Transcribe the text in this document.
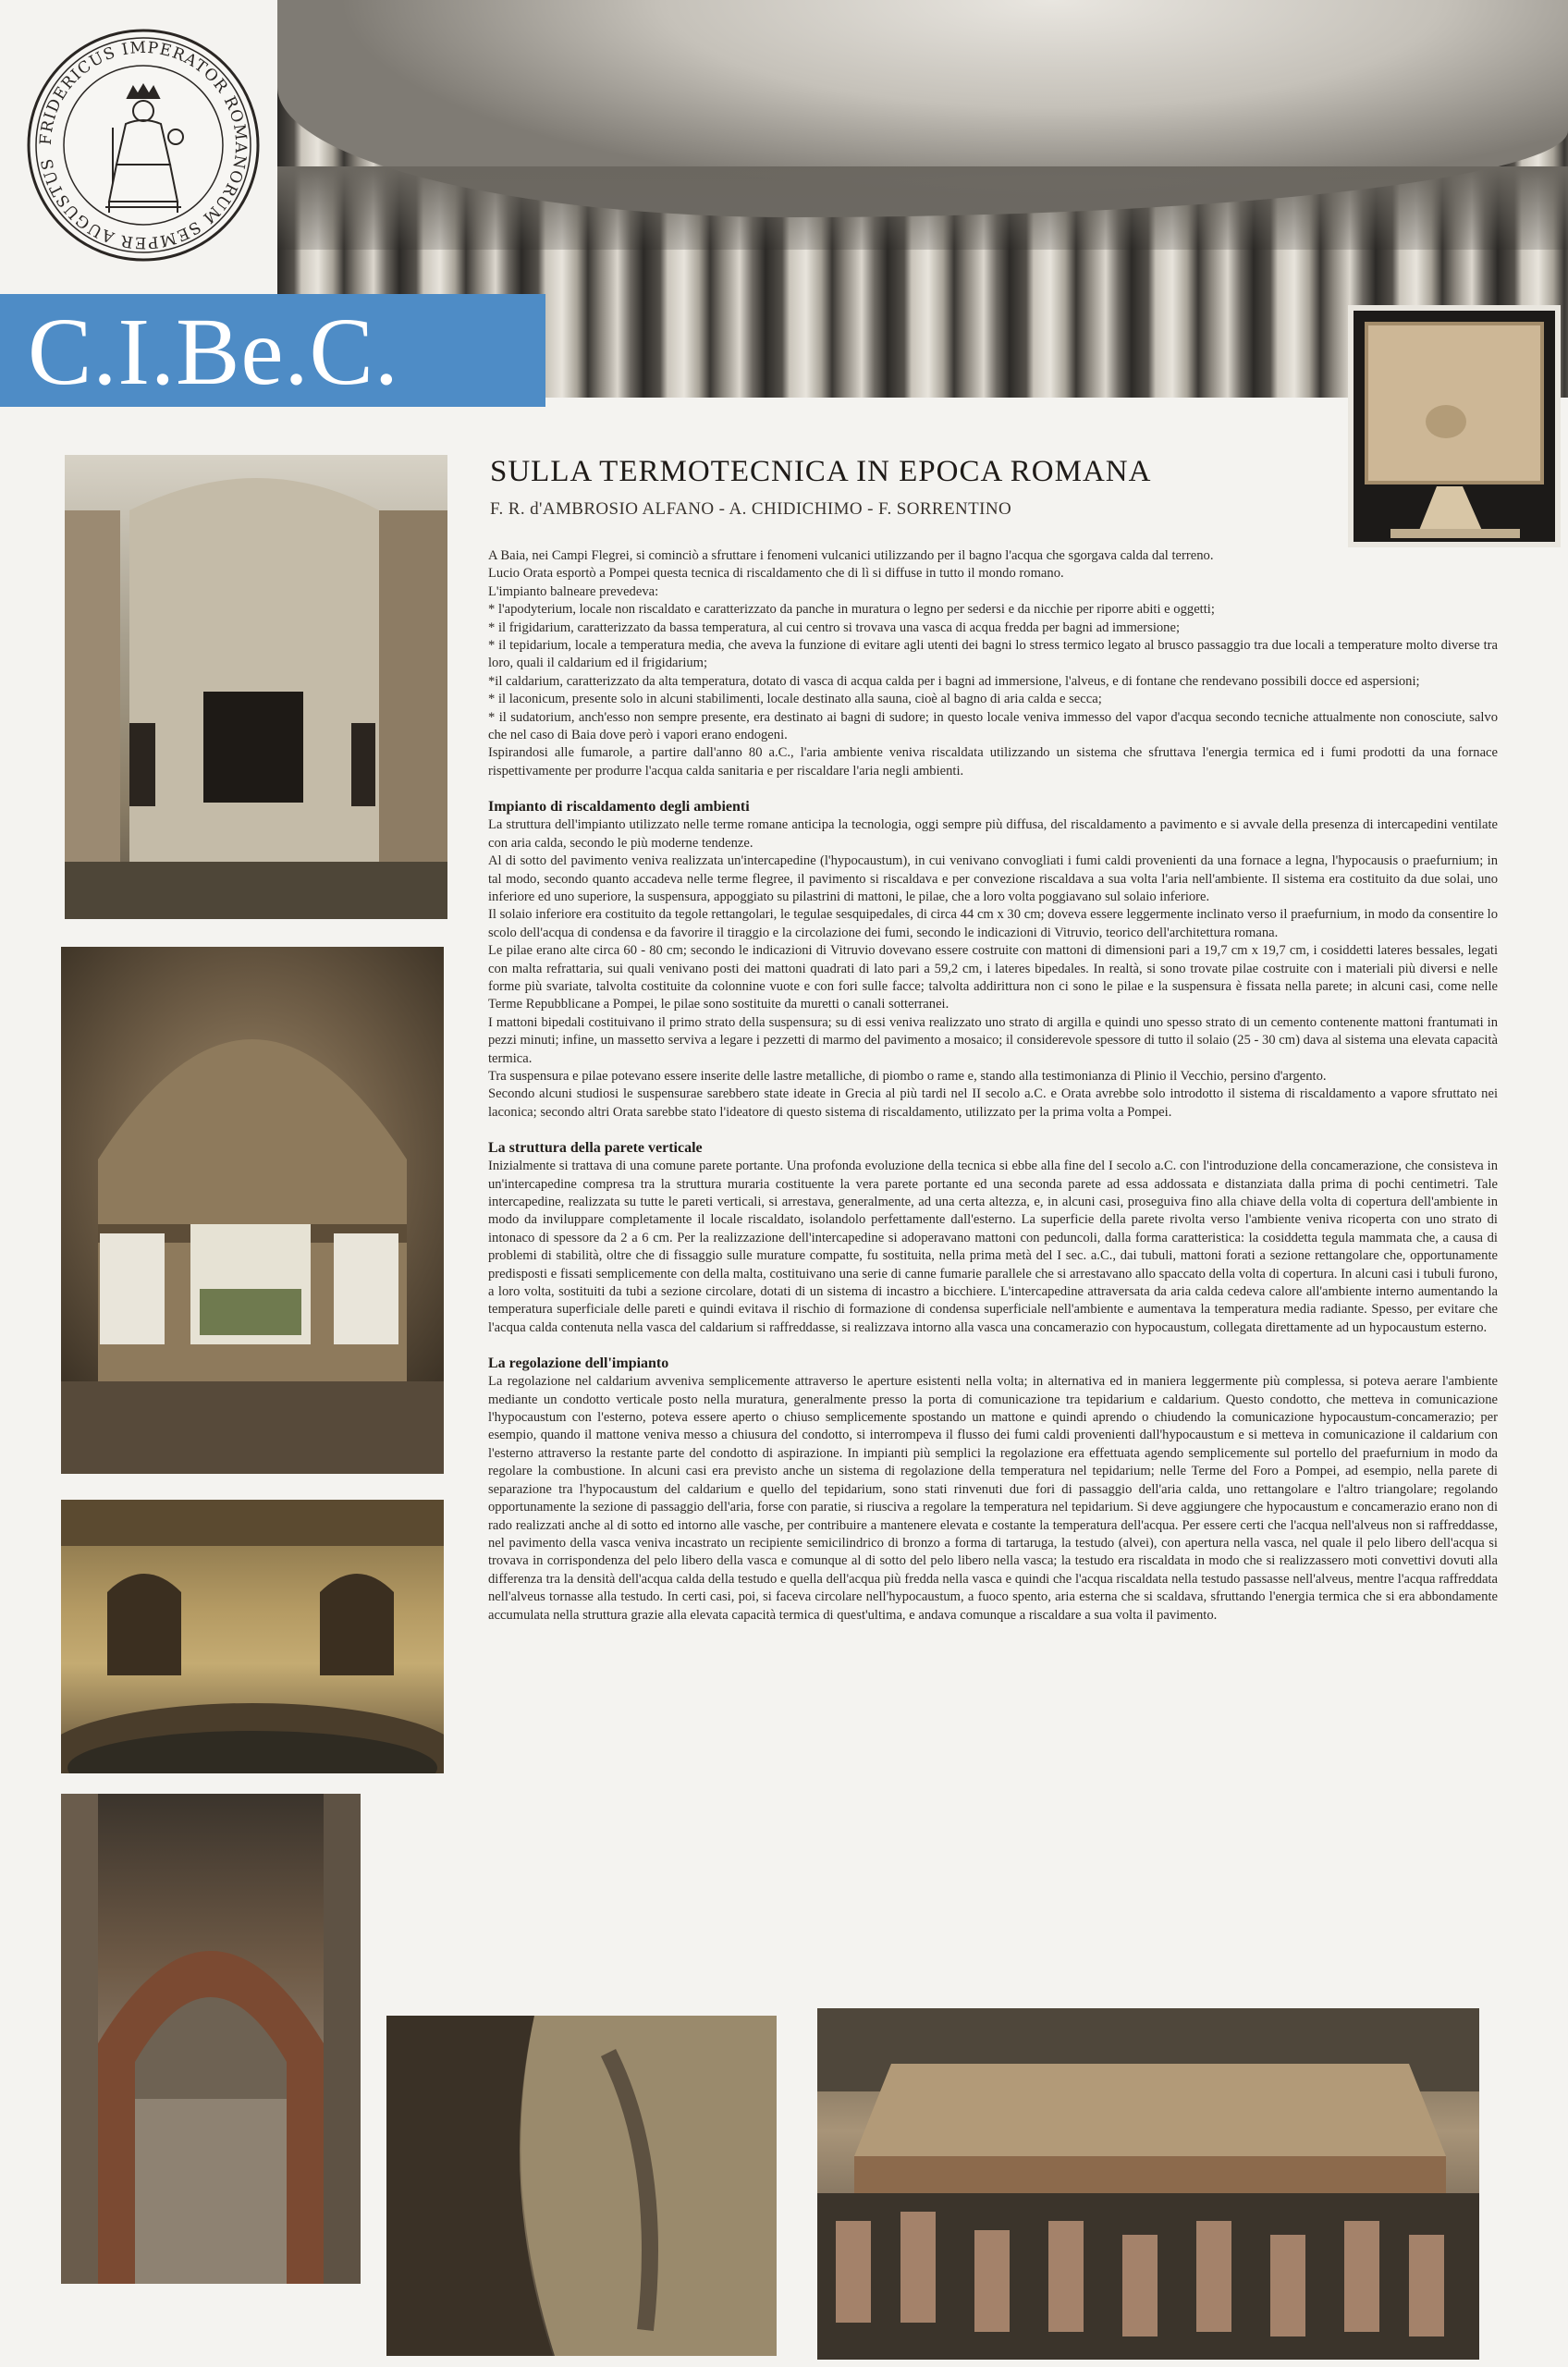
FRIDERICUS IMPERATOR ROMANORUM SEMPER AUGUSTUS
C.I.Be.C.
SULLA TERMOTECNICA IN EPOCA ROMANA
F. R. d'AMBROSIO ALFANO - A. CHIDICHIMO - F. SORRENTINO

A Baia, nei Campi Flegrei, si cominciò a sfruttare i fenomeni vulcanici utilizzando per il bagno l'acqua che sgorgava calda dal terreno.

Lucio Orata esportò a Pompei questa tecnica di riscaldamento che di lì si diffuse in tutto il mondo romano.

L'impianto balneare prevedeva:

* l'apodyterium, locale non riscaldato e caratterizzato da panche in muratura o legno per sedersi e da nicchie per riporre abiti e oggetti;

* il frigidarium, caratterizzato da bassa temperatura, al cui centro si trovava una vasca di acqua fredda per bagni ad immersione;

* il tepidarium, locale a temperatura media, che aveva la funzione di evitare agli utenti dei bagni lo stress termico legato al brusco passaggio tra due locali a temperature molto diverse tra loro, quali il caldarium ed il frigidarium;

*il caldarium, caratterizzato da alta temperatura, dotato di vasca di acqua calda per i bagni ad immersione, l'alveus, e di fontane che rendevano possibili docce ed aspersioni;

* il laconicum, presente solo in alcuni stabilimenti, locale destinato alla sauna, cioè al bagno di aria calda e secca;

* il sudatorium, anch'esso non sempre presente, era destinato ai bagni di sudore; in questo locale veniva immesso del vapor d'acqua secondo tecniche attualmente non conosciute, salvo che nel caso di Baia dove però i vapori erano endogeni.

Ispirandosi alle fumarole, a partire dall'anno 80 a.C., l'aria ambiente veniva riscaldata utilizzando un sistema che sfruttava l'energia termica ed i fumi prodotti da una fornace rispettivamente per produrre l'acqua calda sanitaria e per riscaldare l'aria negli ambienti.

Impianto di riscaldamento degli ambienti

La struttura dell'impianto utilizzato nelle terme romane anticipa la tecnologia, oggi sempre più diffusa, del riscaldamento a pavimento e si avvale della presenza di intercapedini ventilate con aria calda, secondo le più moderne tendenze.

Al di sotto del pavimento veniva realizzata un'intercapedine (l'hypocaustum), in cui venivano convogliati i fumi caldi provenienti da una fornace a legna, l'hypocausis o praefurnium; in tal modo, secondo quanto accadeva nelle terme flegree, il pavimento si riscaldava e per convezione riscaldava a sua volta l'aria nell'ambiente. Il sistema era costituito da due solai, uno inferiore ed uno superiore, la suspensura, appoggiato su pilastrini di mattoni, le pilae, che a loro volta poggiavano sul solaio inferiore.

Il solaio inferiore era costituito da tegole rettangolari, le tegulae sesquipedales, di circa 44 cm x 30 cm; doveva essere leggermente inclinato verso il praefurnium, in modo da consentire lo scolo dell'acqua di condensa e da favorire il tiraggio e la circolazione dei fumi, secondo le indicazioni di Vitruvio, teorico dell'architettura romana.

Le pilae erano alte circa 60 - 80 cm; secondo le indicazioni di Vitruvio dovevano essere costruite con mattoni di dimensioni pari a 19,7 cm x 19,7 cm, i cosiddetti lateres bessales, legati con malta refrattaria, sui quali venivano posti dei mattoni quadrati di lato pari a 59,2 cm, i lateres bipedales. In realtà, si sono trovate pilae costruite con i materiali più diversi e nelle forme più svariate, talvolta costituite da colonnine vuote e con fori sulle facce; talvolta addirittura non ci sono le pilae e la suspensura è fissata nella parete; in alcuni casi, come nelle Terme Repubblicane a Pompei, le pilae sono sostituite da muretti o canali sotterranei.

I mattoni bipedali costituivano il primo strato della suspensura; su di essi veniva realizzato uno strato di argilla e quindi uno spesso strato di un cemento contenente mattoni frantumati in pezzi minuti; infine, un massetto serviva a legare i pezzetti di marmo del pavimento a mosaico; il considerevole spessore di tutto il solaio (25 - 30 cm) dava al sistema una elevata capacità termica.

Tra suspensura e pilae potevano essere inserite delle lastre metalliche, di piombo o rame e, stando alla testimonianza di Plinio il Vecchio, persino d'argento.

Secondo alcuni studiosi le suspensurae sarebbero state ideate in Grecia al più tardi nel II secolo a.C. e Orata avrebbe solo introdotto il sistema di riscaldamento a vapore sfruttato nei laconica; secondo altri Orata sarebbe stato l'ideatore di questo sistema di riscaldamento, utilizzato per la prima volta a Pompei.

La struttura della parete verticale

Inizialmente si trattava di una comune parete portante. Una profonda evoluzione della tecnica si ebbe alla fine del I secolo a.C. con l'introduzione della concamerazione, che consisteva in un'intercapedine compresa tra la struttura muraria costituente la vera parete portante ed una seconda parete ad essa addossata e distanziata dalla prima di pochi centimetri. Tale intercapedine, realizzata su tutte le pareti verticali, si arrestava, generalmente, ad una certa altezza, e, in alcuni casi, proseguiva fino alla chiave della volta di copertura dell'ambiente in modo da invilupparе completamente il locale riscaldato, isolandolo perfettamente dall'esterno. La superficie della parete rivolta verso l'ambiente veniva ricoperta con uno strato di intonaco di spessore da 2 a 6 cm. Per la realizzazione dell'intercapedine si adoperavano mattoni con peduncoli, dalla forma caratteristica: la cosiddetta tegula mammata che, a causa di problemi di stabilità, oltre che di fissaggio sulle murature compatte, fu sostituita, nella prima metà del I sec. a.C., dai tubuli, mattoni forati a sezione rettangolare che, opportunamente predisposti e fissati semplicemente con della malta, costituivano una serie di canne fumarie parallele che si arrestavano allo spaccato della volta di copertura. In alcuni casi i tubuli furono, a loro volta, sostituiti da tubi a sezione circolare, dotati di un sistema di incastro a bicchiere. L'intercapedine attraversata da aria calda cedeva calore all'ambiente interno aumentando la temperatura superficiale delle pareti e quindi evitava il rischio di formazione di condensa superficiale nell'ambiente e aumentava la temperatura media radiante. Spesso, per evitare che l'acqua calda contenuta nella vasca del caldarium si raffreddasse, si realizzava intorno alla vasca una concamerazio con hypocaustum, collegata direttamente ad un hypocaustum esterno.

La regolazione dell'impianto

La regolazione nel caldarium avveniva semplicemente attraverso le aperture esistenti nella volta; in alternativa ed in maniera leggermente più complessa, si poteva aerare l'ambiente mediante un condotto verticale posto nella muratura, generalmente presso la porta di comunicazione tra tepidarium e caldarium. Questo condotto, che metteva in comunicazione l'hypocaustum con l'esterno, poteva essere aperto o chiuso semplicemente spostando un mattone e quindi aprendo o chiudendo la comunicazione hypocaustum-concamerazio; per esempio, quando il mattone veniva messo a chiusura del condotto, si interrompeva il flusso dei fumi caldi provenienti dall'hypocaustum e si metteva in comunicazione il caldarium con l'esterno attraverso la restante parte del condotto di aspirazione. In impianti più semplici la regolazione era effettuata agendo semplicemente sul portello del praefurnium in modo da regolare la combustione. In alcuni casi era previsto anche un sistema di regolazione della temperatura nel tepidarium; nelle Terme del Foro a Pompei, ad esempio, nella parete di separazione tra l'hypocaustum del caldarium e quello del tepidarium, sono stati rinvenuti due fori di passaggio dell'aria calda, uno rettangolare e l'altro triangolare; regolando opportunamente la sezione di passaggio dell'aria, forse con paratie, si riusciva a regolare la temperatura nel tepidarium. Si deve aggiungere che hypocaustum e concamerazio erano non di rado realizzati anche al di sotto ed intorno alle vasche, per contribuire a mantenere elevata e costante la temperatura dell'acqua. Per essere certi che l'acqua nell'alveus non si raffreddasse, nel pavimento della vasca veniva incastrato un recipiente semicilindrico di bronzo a forma di tartaruga, la testudo (alvei), con apertura nella vasca, nel quale il pelo libero dell'acqua si trovava in corrispondenza del pelo libero della vasca e comunque al di sotto del pelo libero nella vasca; la testudo era riscaldata in modo che si realizzassero moti convettivi dovuti alla differenza tra la densità dell'acqua calda della testudo e quella dell'acqua più fredda nella vasca e quindi che l'acqua riscaldata nella testudo passasse nell'alveus, mentre l'acqua raffreddata nell'alveus tornasse alla testudo. In certi casi, poi, si faceva circolare nell'hypocaustum, a fuoco spento, aria esterna che si scaldava, sfruttando l'energia termica che si era abbondamente accumulata nella struttura grazie alla elevata capacità termica di quest'ultima, e andava comunque a riscaldare a sua volta il pavimento.
